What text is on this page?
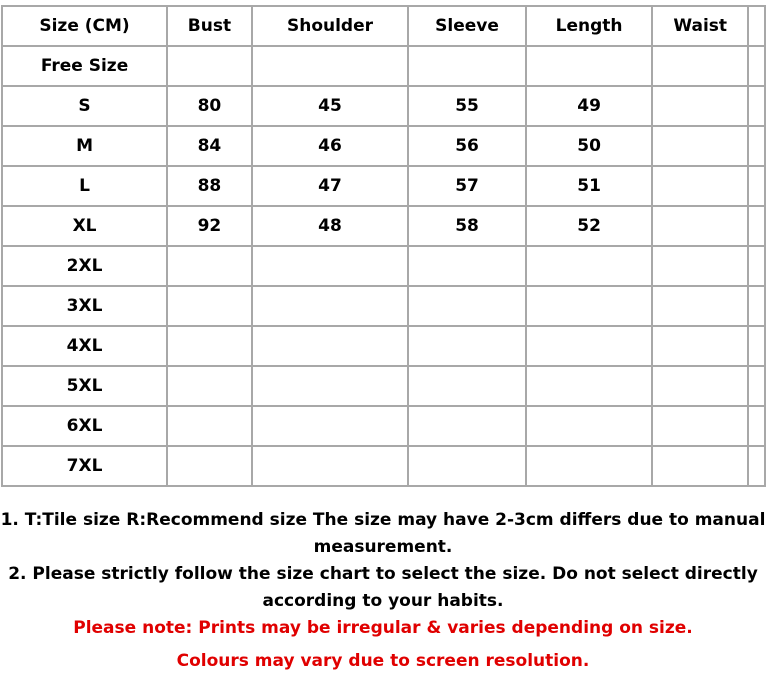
Size (CM)	Bust	Shoulder	Sleeve	Length	Waist	
Free Size						
S	80	45	55	49		
M	84	46	56	50		
L	88	47	57	51		
XL	92	48	58	52		
2XL						
3XL						
4XL						
5XL						
6XL						
7XL						

1. T:Tile size R:Recommend size The size may have 2-3cm differs due to manual

measurement.

2. Please strictly follow the size chart to select the size. Do not select directly

according to your habits.

Please note: Prints may be irregular & varies depending on size.

Colours may vary due to screen resolution.
